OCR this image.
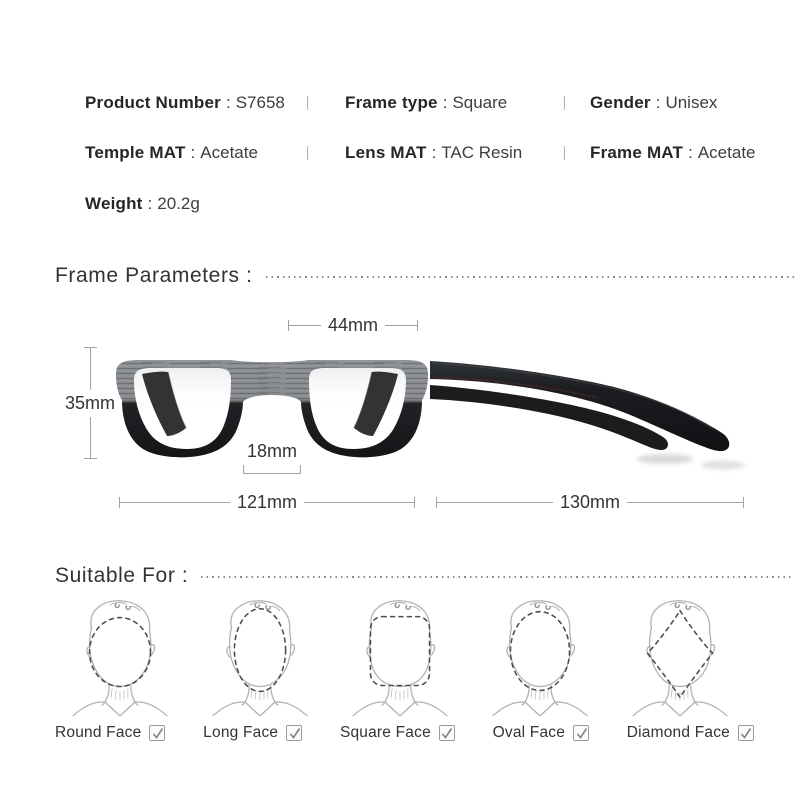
Product Number : S7658	Frame type : Square	Gender : Unisex
Temple MAT : Acetate	Lens MAT : TAC Resin	Frame MAT : Acetate
Weight : 20.2g
Frame Parameters :
44mm
35mm
18mm
121mm	130mm
Suitable For :
Round Face	Long Face	Square Face	Oval Face	Diamond Face
